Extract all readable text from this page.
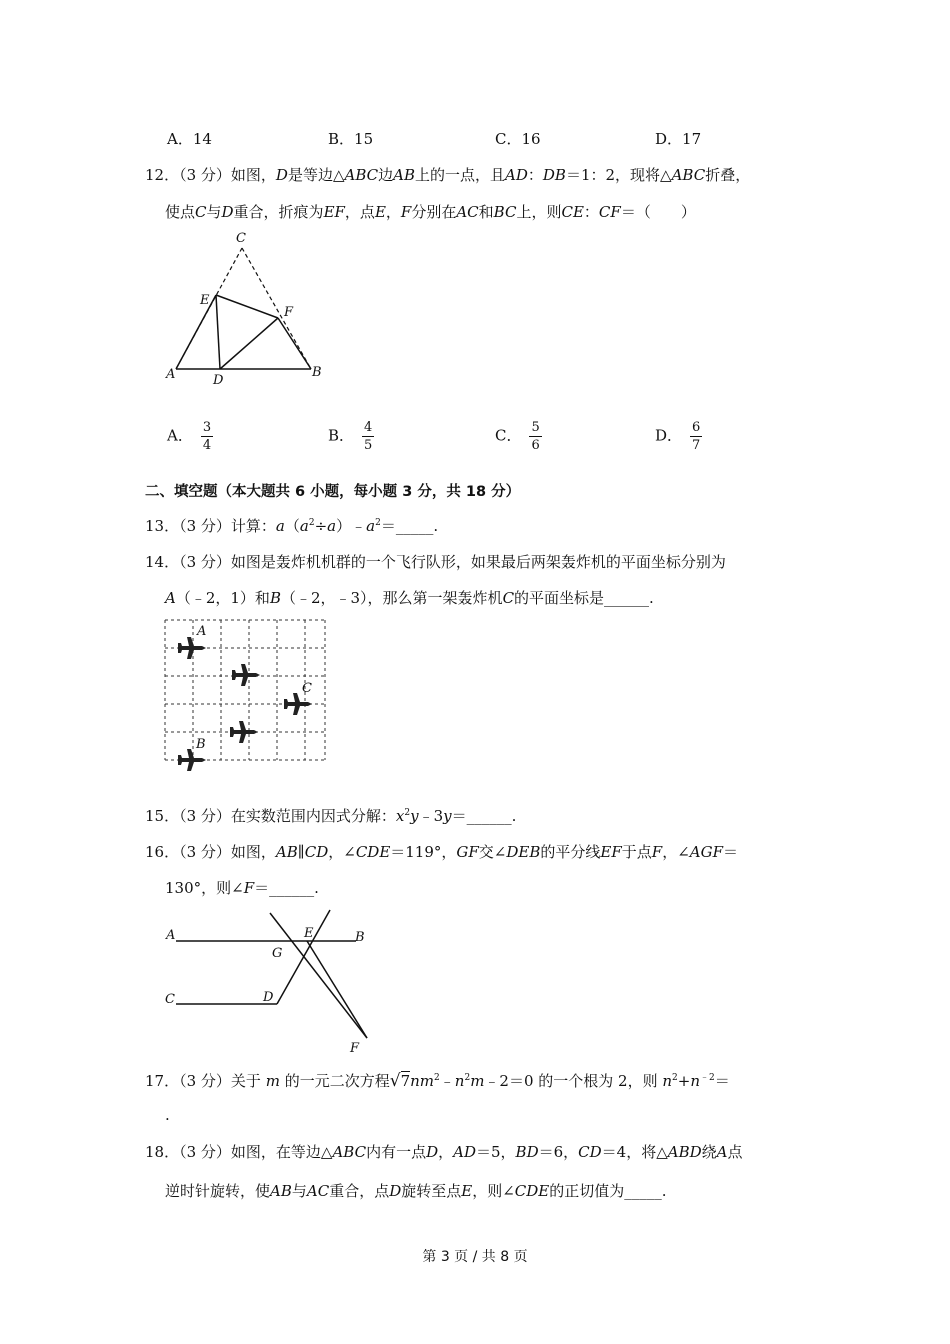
A．14	B．15	C．16	D．17
12．（3 分）如图，D是等边△ABC边AB上的一点，且AD：DB＝1：2，现将△ABC折叠，
使点C与D重合，折痕为EF，点E，F分别在AC和BC上，则CE：CF＝（　　）
C
E
F
A	D
B
A． $\frac{3}{4}$	B． $\frac{4}{5}$	C． $\frac{5}{6}$	D． $\frac{6}{7}$
二、填空题（本大题共 6 小题，每小题 3 分，共 18 分）
13．（3 分）计算：$a(a^2\div a)﹣a^2=\_\_\_\_\_$.
14．（3 分）如图是轰炸机机群的一个飞行队形，如果最后两架轰炸机的平面坐标分别为
A（﹣2，1）和B（﹣2，﹣3），那么第一架轰炸机C的平面坐标是______.
A
C
B
15．（3 分）在实数范围内因式分解：$x^2y﹣3y=\_\_\_\_\_\_$.
16．（3 分）如图，AB∥CD，∠CDE＝119°，GF交∠DEB的平分线EF于点F，∠AGF＝
130°，则∠F＝______.
A	B
E
G
C	D
F
17．（3 分）关于 m 的一元二次方程$√7nm^2﹣n^2m﹣2=0$ 的一个根为 2，则 $n^2+n^{﹣2}=$
.
18．（3 分）如图，在等边△ABC内有一点D，AD＝5，BD＝6，CD＝4，将△ABD绕A点
逆时针旋转，使AB与AC重合，点D旋转至点E，则∠CDE的正切值为_____.
第 3 页 / 共 8 页
